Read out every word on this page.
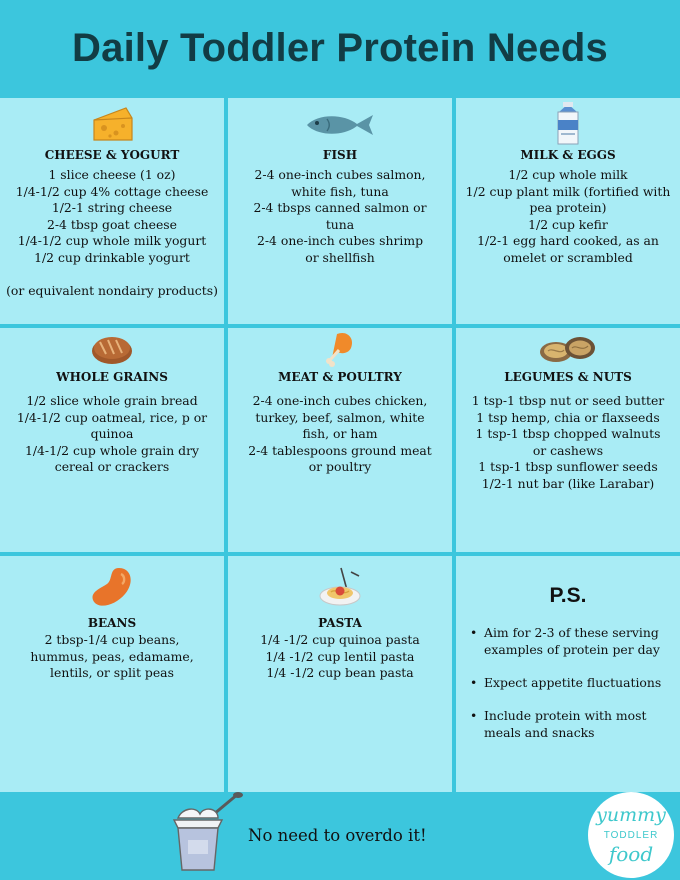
Daily Toddler Protein Needs
CHEESE & YOGURT
1 slice cheese (1 oz)
1/4-1/2 cup 4% cottage cheese
1/2-1 string cheese
2-4 tbsp goat cheese
1/4-1/2 cup whole milk yogurt
1/2 cup drinkable yogurt
(or equivalent nondairy products)
FISH
2-4 one-inch cubes salmon,
white fish, tuna
2-4 tbsps canned salmon or
tuna
2-4 one-inch cubes shrimp
or shellfish
MILK & EGGS
1/2 cup whole milk
1/2 cup plant milk (fortified with
pea protein)
1/2 cup kefir
1/2-1 egg hard cooked, as an
omelet or scrambled
WHOLE GRAINS
1/2 slice whole grain bread
1/4-1/2 cup oatmeal, rice, p or
quinoa
1/4-1/2 cup whole grain dry
cereal or crackers
MEAT & POULTRY
2-4 one-inch cubes chicken,
turkey, beef, salmon, white
fish, or ham
2-4 tablespoons ground meat
or poultry
LEGUMES & NUTS
1 tsp-1 tbsp nut or seed butter
1 tsp hemp, chia or flaxseeds
1 tsp-1 tbsp chopped walnuts
or cashews
1 tsp-1 tbsp sunflower seeds
1/2-1 nut bar (like Larabar)
BEANS
2 tbsp-1/4 cup beans,
hummus, peas, edamame,
lentils, or split peas
PASTA
1/4 -1/2 cup quinoa pasta
1/4 -1/2 cup lentil pasta
1/4 -1/2 cup bean pasta
P.S.
• Aim for 2-3 of these serving examples of protein per day
• Expect appetite fluctuations
• Include protein with most meals and snacks
No need to overdo it!
yummy
TODDLER
food
